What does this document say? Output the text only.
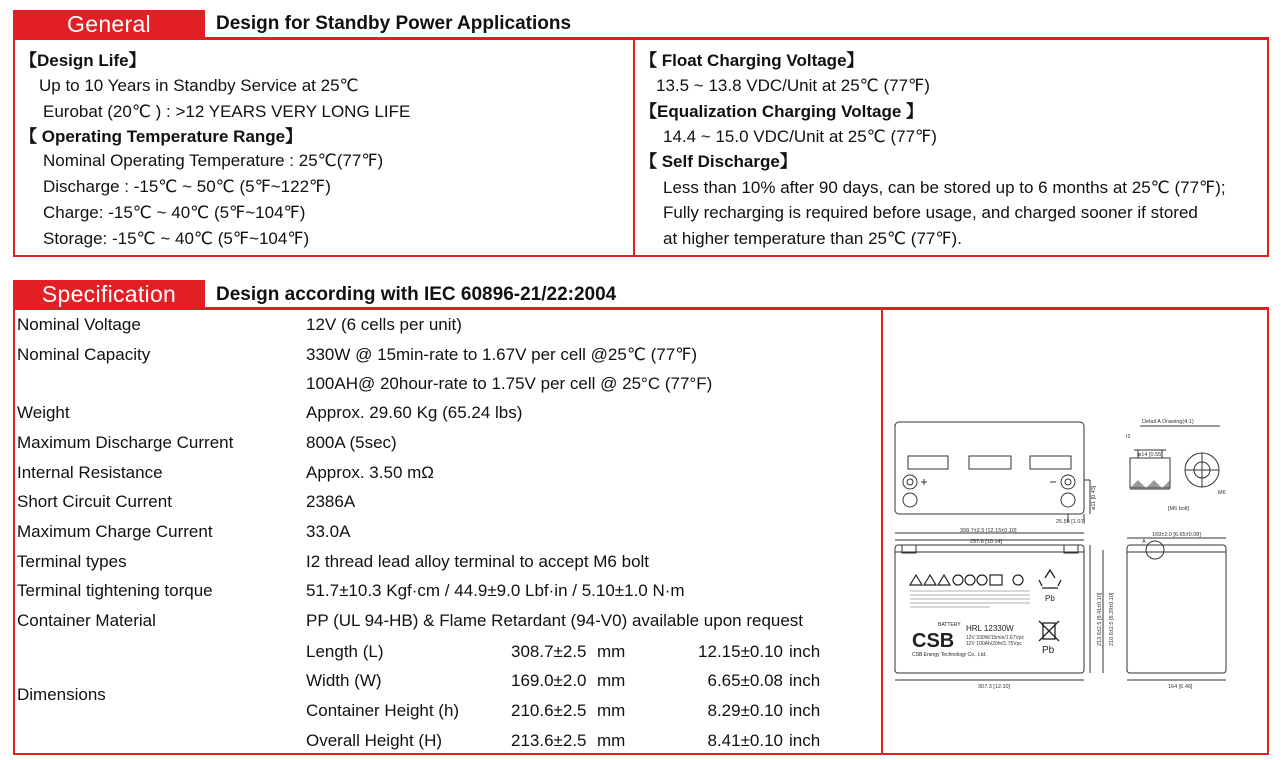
General	Design for Standby Power Applications
【Design Life】
Up to 10 Years in Standby Service at 25℃
Eurobat (20℃ ) : >12 YEARS VERY LONG LIFE
【 Operating Temperature Range】
Nominal Operating Temperature : 25℃(77℉)
Discharge : -15℃ ~ 50℃ (5℉~122℉)
Charge: -15℃ ~ 40℃ (5℉~104℉)
Storage: -15℃ ~ 40℃ (5℉~104℉)
【 Float Charging Voltage】
13.5 ~ 13.8 VDC/Unit at 25℃ (77℉)
【Equalization Charging Voltage 】
14.4 ~ 15.0 VDC/Unit at 25℃ (77℉)
【 Self Discharge】
Less than 10% after 90 days, can be stored up to 6 months at 25℃ (77℉);
Fully recharging is required before usage, and charged sooner if stored
at higher temperature than 25℃ (77℉).
Specification Design according with IEC 60896-21/22:2004
Nominal Voltage	12V (6 cells per unit)
Nominal Capacity	330W @ 15min-rate to 1.67V per cell @25℃ (77℉)
100AH@ 20hour-rate to 1.75V per cell @ 25°C (77°F)
Weight	Approx. 29.60 Kg (65.24 lbs)
Maximum Discharge Current	800A (5sec)
Internal Resistance	Approx. 3.50 mΩ
Short Circuit Current	2386A
Maximum Charge Current	33.0A
Terminal types	I2 thread lead alloy terminal to accept M6 bolt
Terminal tightening torque	51.7±10.3 Kgf·cm / 44.9±9.0 Lbf·in / 5.10±1.0 N·m
Container Material	PP (UL 94-HB) & Flame Retardant (94-V0) available upon request
Dimensions
Length (L)	308.7±2.5 mm	12.15±0.10 inch
Width (W)	169.0±2.0 mm	6.65±0.08 inch
Container Height (h)	210.6±2.5 mm	8.29±0.10 inch
Overall Height (H)	213.6±2.5 mm	8.41±0.10 inch
Detail A Drawing(4:1)
I2
ø14 [0.55]
M6
[M6 bolt]
ø11 [0.43]
25.55 [1.01]
308.7±2.5 [12.15±0.10]
257.6 [10.14]
169±2.0 [6.65±0.08]
307.3 [12.10]	164 [6.46]
213.6±2.5 [8.41±0.10] 210.6±2.5 [8.29±0.10]
A
Pb
CSB
BATTERY HRL 12330W
12V 330W/15min/1.67Vpc
12V 100Ah/20hr/1.75Vpc
CSB Energy Technology Co., Ltd.	Pb
